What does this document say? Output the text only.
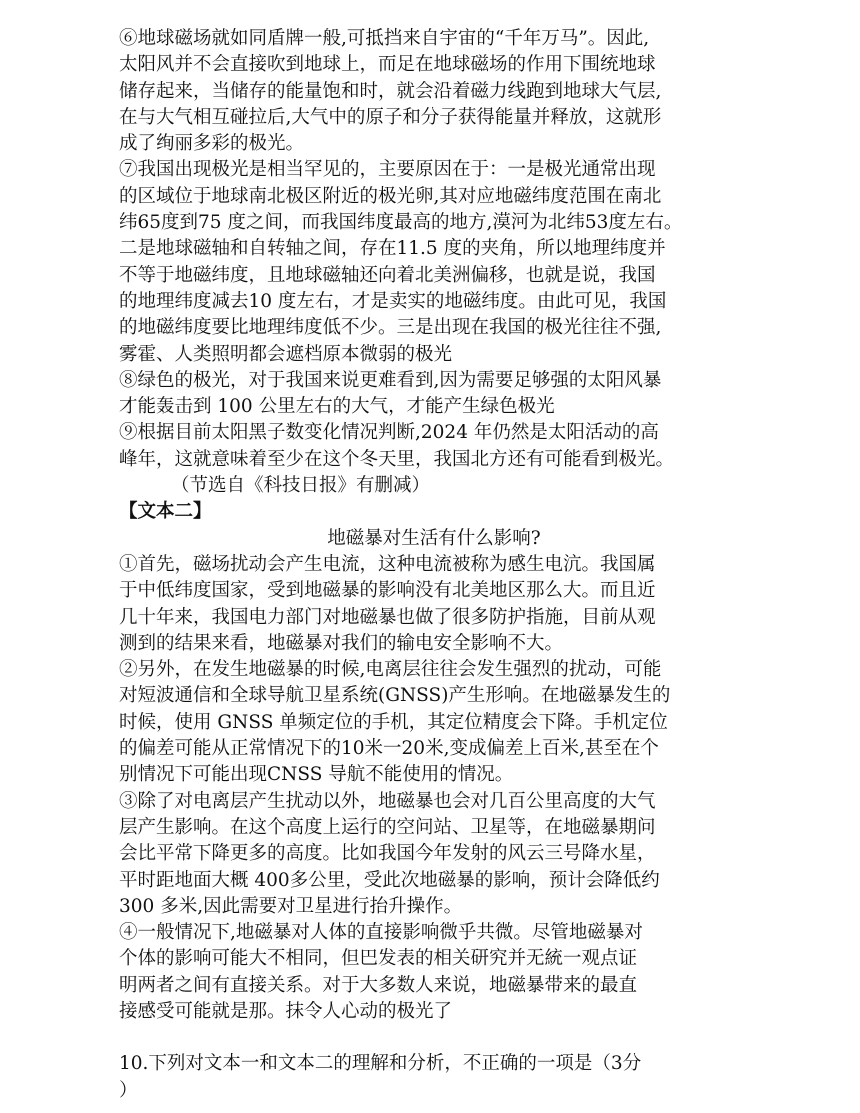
⑥地球磁场就如同盾牌一般,可抵挡来自宇宙的“千年万马”。因此,
太阳风并不会直接吹到地球上，而足在地球磁场的作用下围统地球
储存起来，当储存的能量饱和时，就会沿着磁力线跑到地球大气层,
在与大气相互碰拉后,大气中的原子和分子获得能量并释放，这就形
成了绚丽多彩的极光。

⑦我国出现极光是相当罕见的，主要原因在于：一是极光通常出现
的区域位于地球南北极区附近的极光卵,其对应地磁纬度范围在南北
纬65度到75 度之间，而我国纬度最高的地方,漠河为北纬53度左右。
二是地球磁轴和自转轴之间，存在11.5 度的夹角，所以地理纬度并
不等于地磁纬度，且地球磁轴还向着北美洲偏移，也就是说，我国
的地理纬度减去10 度左右，才是卖实的地磁纬度。由此可见，我国
的地磁纬度要比地理纬度低不少。三是出现在我国的极光往往不强,
雾霍、人类照明都会遮档原本微弱的极光

⑧绿色的极光，对于我国来说更难看到,因为需要足够强的太阳风暴
才能轰击到 100 公里左右的大气，才能产生绿色极光

⑨根据目前太阳黑子数变化情况判断,2024 年仍然是太阳活动的高
峰年，这就意味着至少在这个冬天里，我国北方还有可能看到极光。

（节选自《科技日报》有删减）

【文本二】

地磁暴对生活有什么影响?

①首先，磁场扰动会产生电流，这种电流被称为感生电沆。我国属
于中低纬度国家，受到地磁暴的影响没有北美地区那么大。而且近
几十年来，我国电力部门对地磁暴也做了很多防护指施，目前从观
测到的结果来看，地磁暴对我们的输电安全影响不大。

②另外，在发生地磁暴的时候,电离层往往会发生强烈的扰动，可能
对短波通信和全球导航卫星系统(GNSS)产生形响。在地磁暴发生的
时候，使用 GNSS 单频定位的手机，其定位精度会下降。手机定位
的偏差可能从正常情况下的10米一20米,变成偏差上百米,甚至在个
别情况下可能出现CNSS 导航不能使用的情况。

③除了对电离层产生扰动以外，地磁暴也会对几百公里高度的大气
层产生影响。在这个高度上运行的空问站、卫星等，在地磁暴期问
会比平常下降更多的高度。比如我国今年发射的风云三号降水星，
平时距地面大概 400多公里，受此次地磁暴的影响，预计会降低约
300 多米,因此需要对卫星进行抬升操作。

④一般情况下,地磁暴对人体的直接影响微乎共微。尽管地磁暴对
个体的影响可能大不相同，但巴发表的相关研究并无統一观点证
明两者之间有直接关系。对于大多数人来说，地磁暴带来的最直
接感受可能就是那。抹令人心动的极光了

10.下列对文本一和文本二的理解和分析，不正确的一项是（3分
）
